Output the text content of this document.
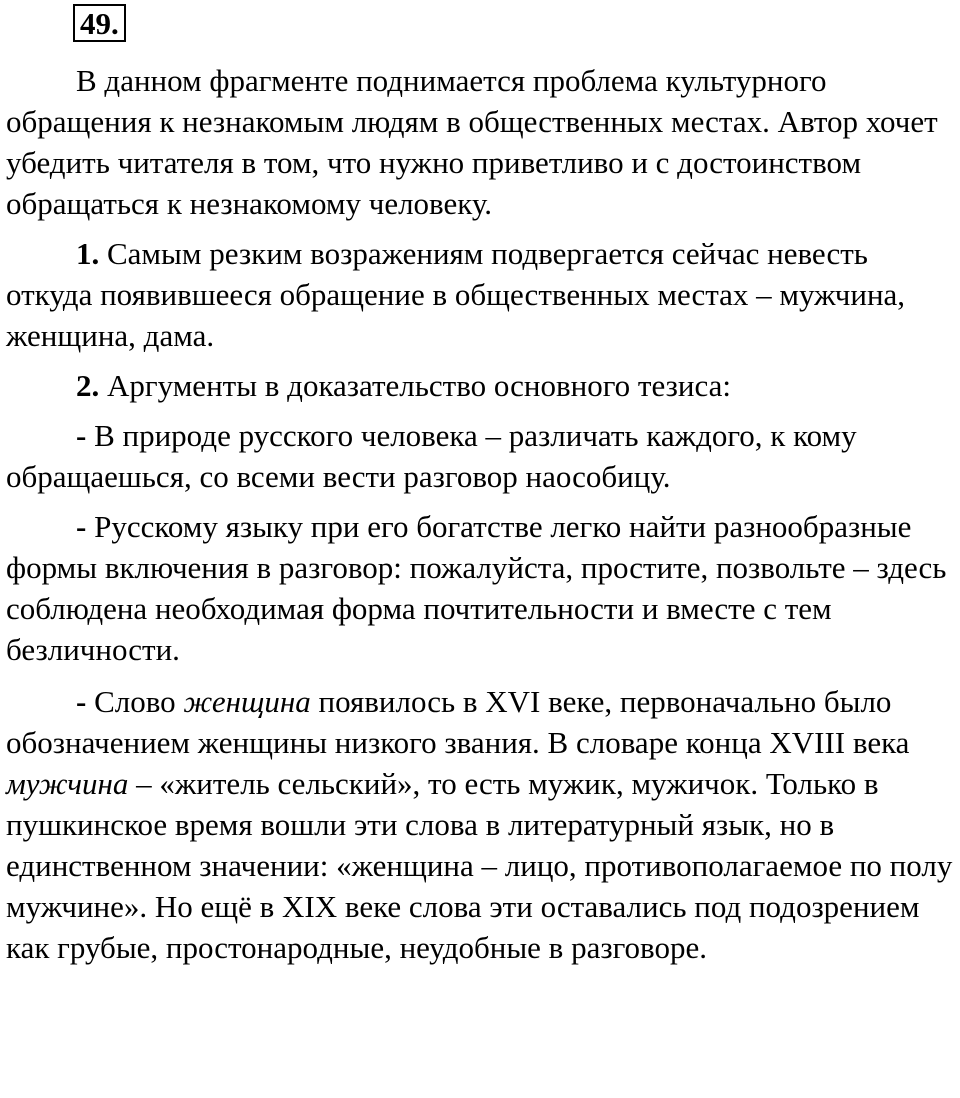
49.

В данном фрагменте поднимается проблема культурного обращения к незнакомым людям в общественных местах. Автор хочет убедить читателя в том, что нужно приветливо и с достоинством обращаться к незнакомому человеку.

1. Самым резким возражениям подвергается сейчас невесть откуда появившееся обращение в общественных местах – мужчина, женщина, дама.

2. Аргументы в доказательство основного тезиса:

- В природе русского человека – различать каждого, к кому обращаешься, со всеми вести разговор наособицу.

- Русскому языку при его богатстве легко найти разнообразные формы включения в разговор: пожалуйста, простите, позвольте – здесь соблюдена необходимая форма почтительности и вместе с тем безличности.

- Слово женщина появилось в XVI веке, первоначально было обозначением женщины низкого звания. В словаре конца XVIII века мужчина – «житель сельский», то есть мужик, мужичок. Только в пушкинское время вошли эти слова в литературный язык, но в единственном значении: «женщина – лицо, противополагаемое по полу мужчине». Но ещё в XIX веке слова эти оставались под подозрением как грубые, простонародные, неудобные в разговоре.
